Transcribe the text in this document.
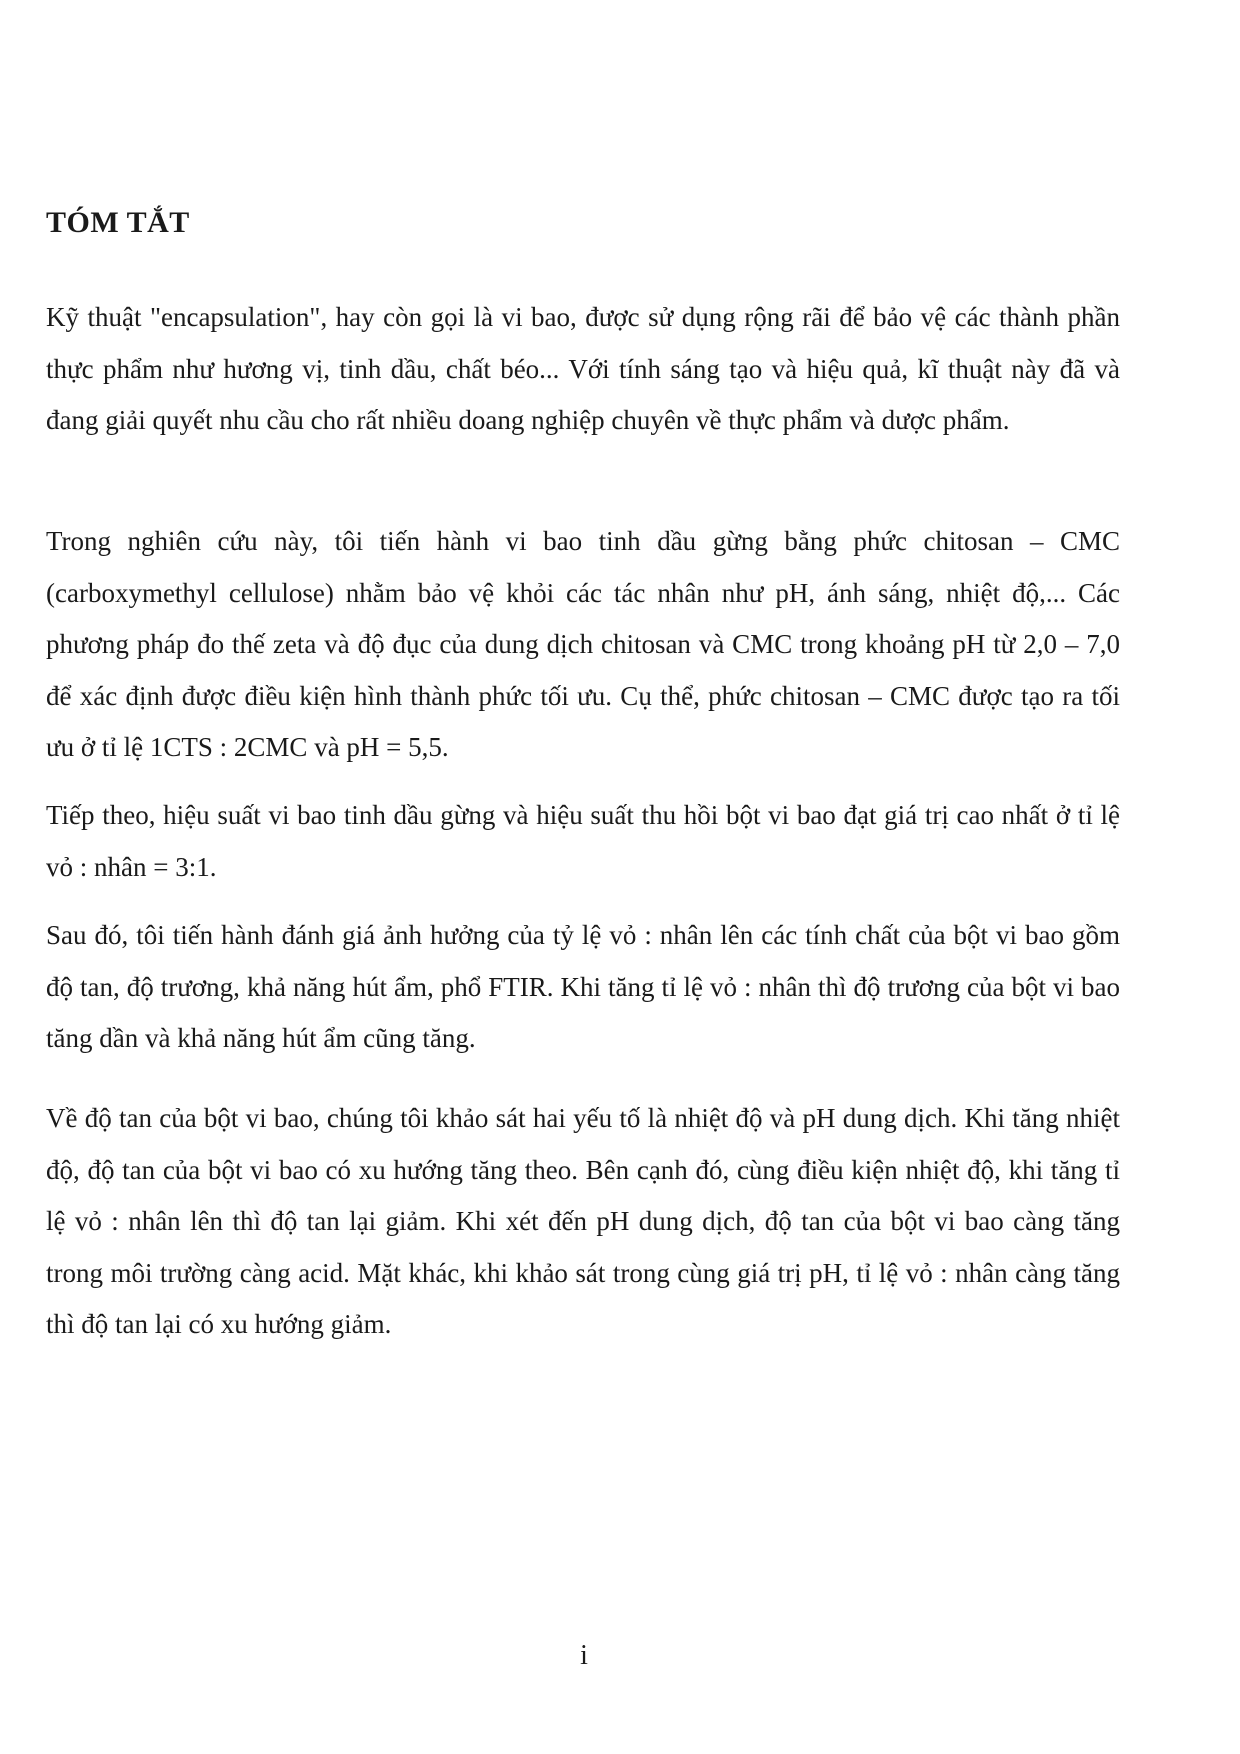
TÓM TẮT

Kỹ thuật "encapsulation", hay còn gọi là vi bao, được sử dụng rộng rãi để bảo vệ các thành phần thực phẩm như hương vị, tinh dầu, chất béo... Với tính sáng tạo và hiệu quả, kĩ thuật này đã và đang giải quyết nhu cầu cho rất nhiều doang nghiệp chuyên về thực phẩm và dược phẩm.

Trong nghiên cứu này, tôi tiến hành vi bao tinh dầu gừng bằng phức chitosan – CMC (carboxymethyl cellulose) nhằm bảo vệ khỏi các tác nhân như pH, ánh sáng, nhiệt độ,... Các phương pháp đo thế zeta và độ đục của dung dịch chitosan và CMC trong khoảng pH từ 2,0 – 7,0 để xác định được điều kiện hình thành phức tối ưu. Cụ thể, phức chitosan – CMC được tạo ra tối ưu ở tỉ lệ 1CTS : 2CMC và pH = 5,5.

Tiếp theo, hiệu suất vi bao tinh dầu gừng và hiệu suất thu hồi bột vi bao đạt giá trị cao nhất ở tỉ lệ vỏ : nhân = 3:1.

Sau đó, tôi tiến hành đánh giá ảnh hưởng của tỷ lệ vỏ : nhân lên các tính chất của bột vi bao gồm độ tan, độ trương, khả năng hút ẩm, phổ FTIR. Khi tăng tỉ lệ vỏ : nhân thì độ trương của bột vi bao tăng dần và khả năng hút ẩm cũng tăng.

Về độ tan của bột vi bao, chúng tôi khảo sát hai yếu tố là nhiệt độ và pH dung dịch. Khi tăng nhiệt độ, độ tan của bột vi bao có xu hướng tăng theo. Bên cạnh đó, cùng điều kiện nhiệt độ, khi tăng tỉ lệ vỏ : nhân lên thì độ tan lại giảm. Khi xét đến pH dung dịch, độ tan của bột vi bao càng tăng trong môi trường càng acid. Mặt khác, khi khảo sát trong cùng giá trị pH, tỉ lệ vỏ : nhân càng tăng thì độ tan lại có xu hướng giảm.

i
